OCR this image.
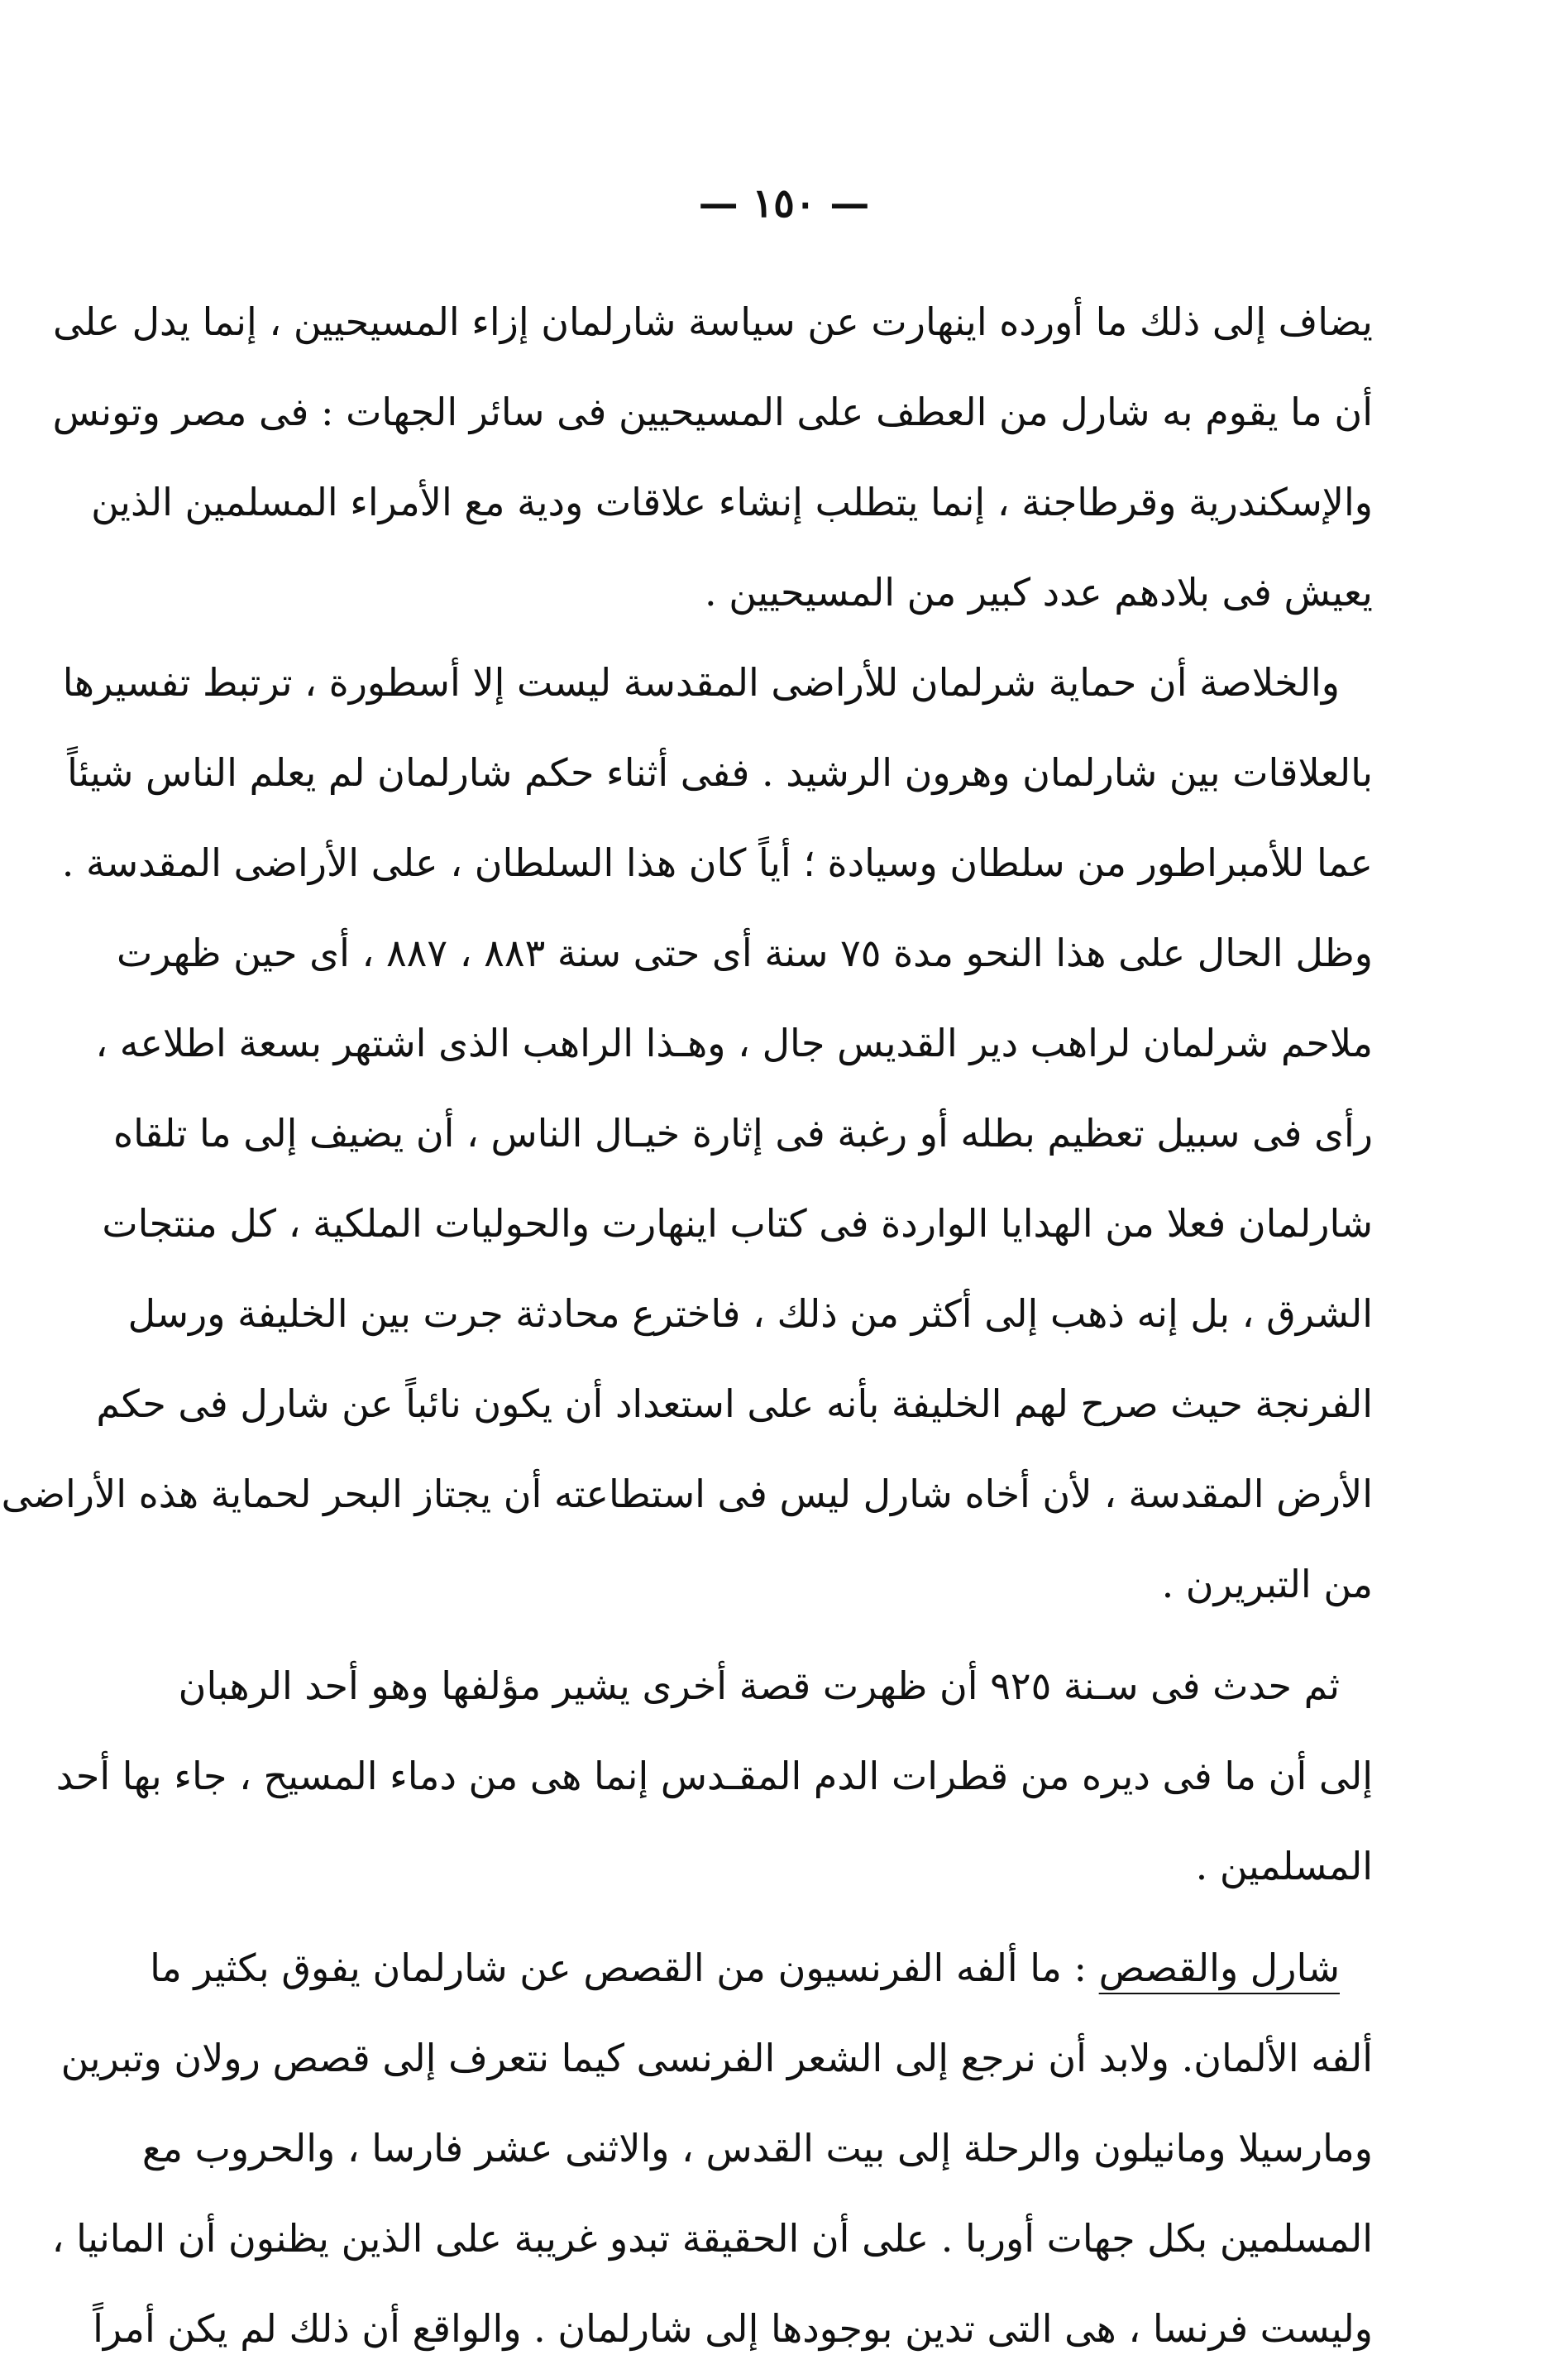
— ١٥٠ —
يضاف إلى ذلك ما أورده اينهارت عن سياسة شارلمان إزاء المسيحيين ، إنما يدل على
أن ما يقوم به شارل من العطف على المسيحيين فى سائر الجهات : فى مصر وتونس
والإسكندرية وقرطاجنة ، إنما يتطلب إنشاء علاقات ودية مع الأمراء المسلمين الذين
يعيش فى بلادهم عدد كبير من المسيحيين .
والخلاصة أن حماية شرلمان للأراضى المقدسة ليست إلا أسطورة ، ترتبط تفسيرها
بالعلاقات بين شارلمان وهرون الرشيد . ففى أثناء حكم شارلمان لم يعلم الناس شيئاً
عما للأمبراطور من سلطان وسيادة ؛ أياً كان هذا السلطان ، على الأراضى المقدسة .
وظل الحال على هذا النحو مدة ٧٥ سنة أى حتى سنة ٨٨٣ ، ٨٨٧ ، أى حين ظهرت
ملاحم شرلمان لراهب دير القديس جال ، وهـذا الراهب الذى اشتهر بسعة اطلاعه ،
رأى فى سبيل تعظيم بطله أو رغبة فى إثارة خيـال الناس ، أن يضيف إلى ما تلقاه
شارلمان فعلا من الهدايا الواردة فى كتاب اينهارت والحوليات الملكية ، كل منتجات
الشرق ، بل إنه ذهب إلى أكثر من ذلك ، فاخترع محادثة جرت بين الخليفة ورسل
الفرنجة حيث صرح لهم الخليفة بأنه على استعداد أن يكون نائباً عن شارل فى حكم
الأرض المقدسة ، لأن أخاه شارل ليس فى استطاعته أن يجتاز البحر لحماية هذه الأراضى
من التبريرن .
ثم حدث فى سـنة ٩٢٥ أن ظهرت قصة أخرى يشير مؤلفها وهو أحد الرهبان
إلى أن ما فى ديره من قطرات الدم المقـدس إنما هى من دماء المسيح ، جاء بها أحد
المسلمين .
شارل والقصص : ما ألفه الفرنسيون من القصص عن شارلمان يفوق بكثير ما
ألفه الألمان. ولابد أن نرجع إلى الشعر الفرنسى كيما نتعرف إلى قصص رولان وتبرين
ومارسيلا ومانيلون والرحلة إلى بيت القدس ، والاثنى عشر فارسا ، والحروب مع
المسلمين بكل جهات أوربا . على أن الحقيقة تبدو غريبة على الذين يظنون أن المانيا ،
وليست فرنسا ، هى التى تدين بوجودها إلى شارلمان . والواقع أن ذلك لم يكن أمراً
